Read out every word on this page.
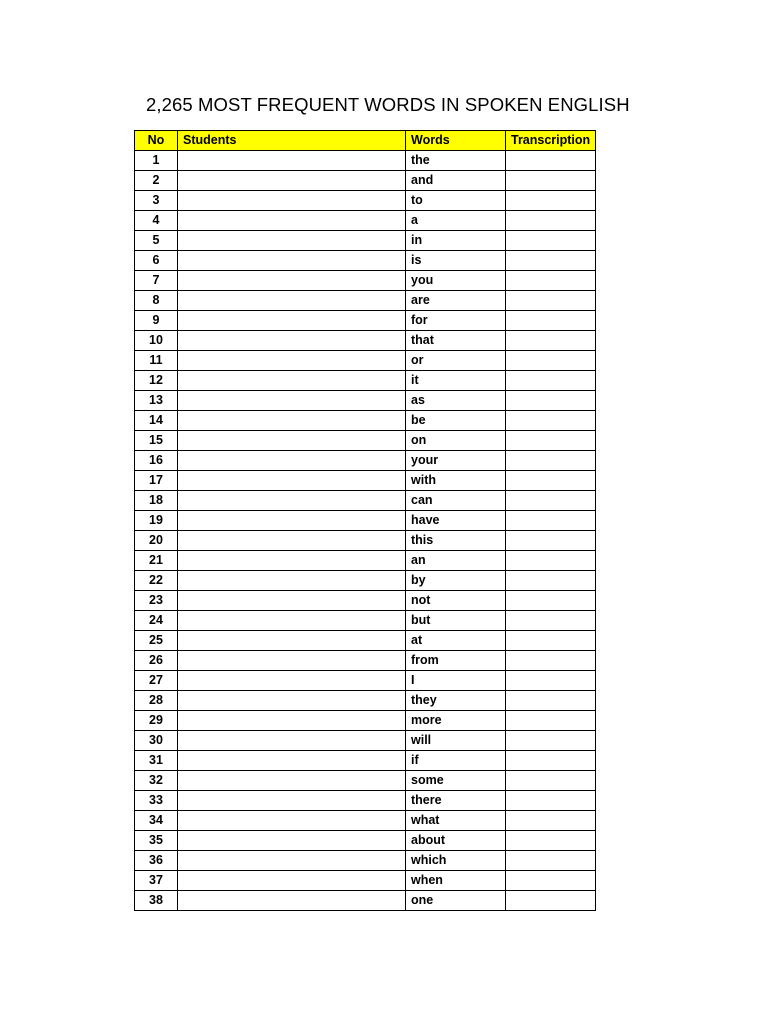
2,265 MOST FREQUENT WORDS IN SPOKEN ENGLISH
No	Students	Words	Transcription
1		the	
2		and	
3		to	
4		a	
5		in	
6		is	
7		you	
8		are	
9		for	
10		that	
11		or	
12		it	
13		as	
14		be	
15		on	
16		your	
17		with	
18		can	
19		have	
20		this	
21		an	
22		by	
23		not	
24		but	
25		at	
26		from	
27		I	
28		they	
29		more	
30		will	
31		if	
32		some	
33		there	
34		what	
35		about	
36		which	
37		when	
38		one	
